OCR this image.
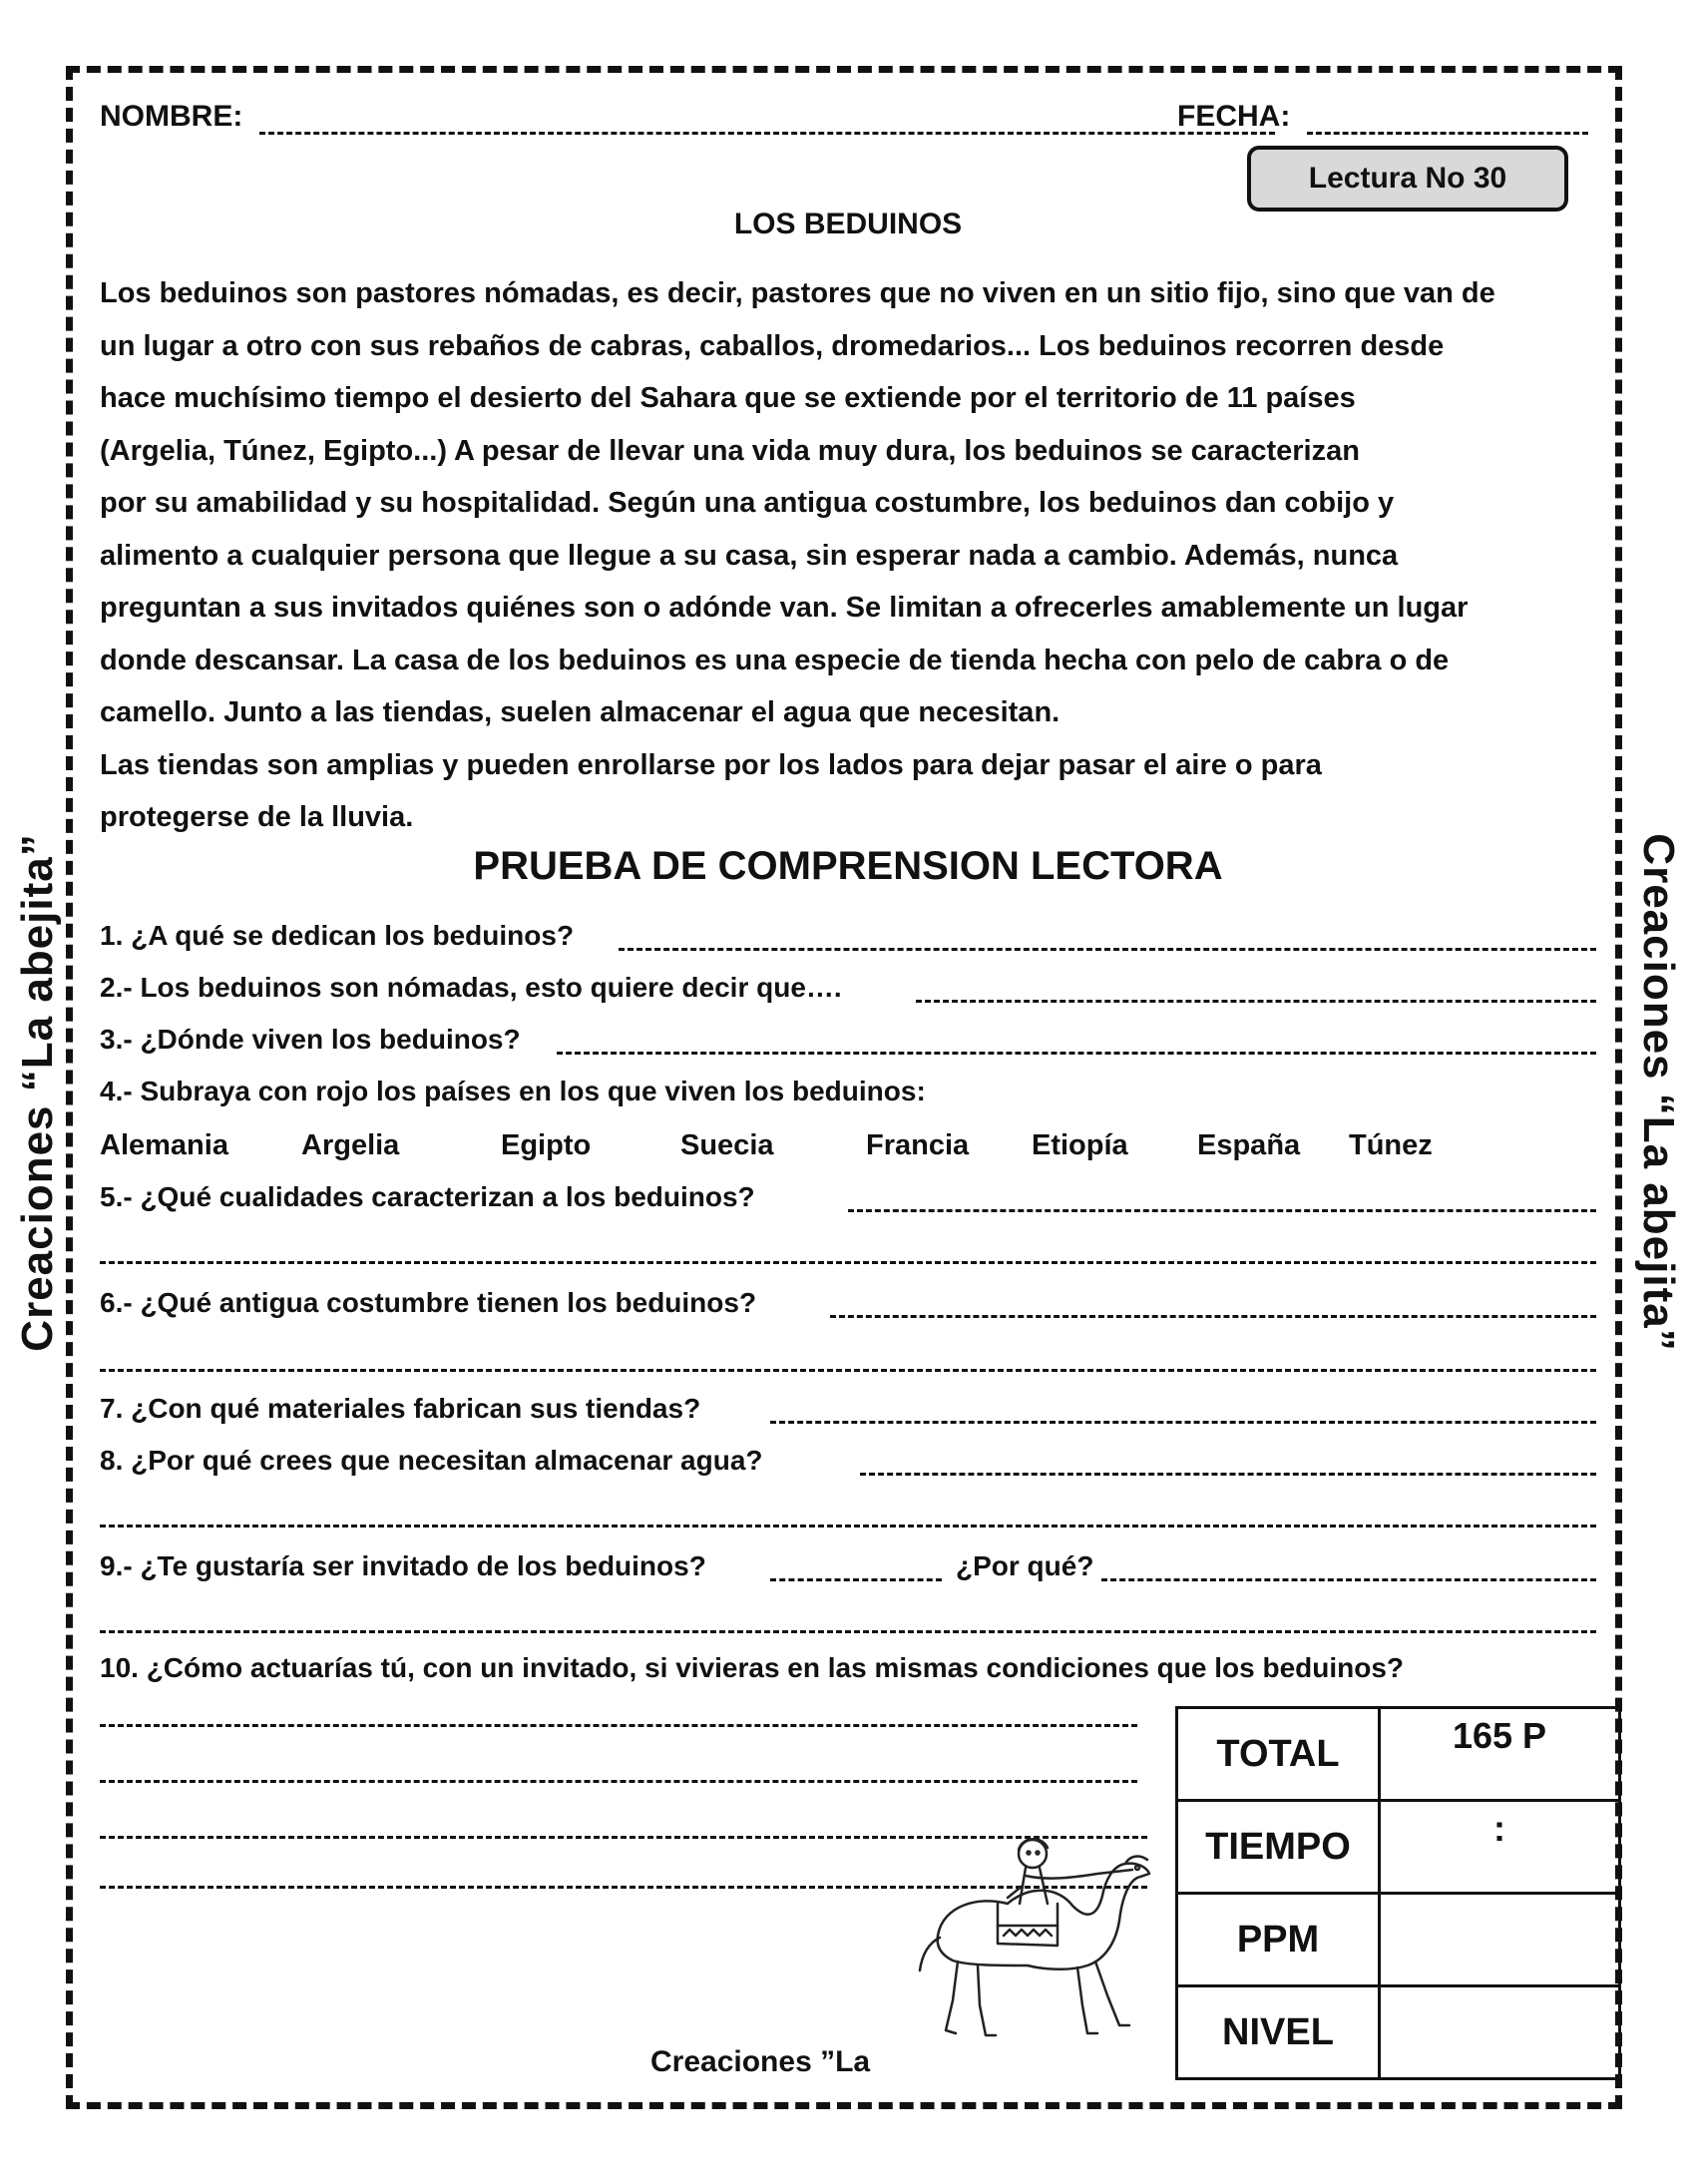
Creaciones “La abejita”	Creaciones “La abejita”
NOMBRE:	FECHA:
Lectura No 30
LOS BEDUINOS

Los beduinos son pastores nómadas, es decir, pastores que no viven en un sitio fijo, sino que van de

un lugar a otro con sus rebaños de cabras, caballos, dromedarios... Los beduinos recorren desde

hace muchísimo tiempo el desierto del Sahara que se extiende por el territorio de 11 países

(Argelia, Túnez, Egipto...) A pesar de llevar una vida muy dura, los beduinos se caracterizan

por su amabilidad y su hospitalidad. Según una antigua costumbre, los beduinos dan cobijo y

alimento a cualquier persona que llegue a su casa, sin esperar nada a cambio. Además, nunca

preguntan a sus invitados quiénes son o adónde van. Se limitan a ofrecerles amablemente un lugar

donde descansar. La casa de los beduinos es una especie de tienda hecha con pelo de cabra o de

camello. Junto a las tiendas, suelen almacenar el agua que necesitan.

Las tiendas son amplias y pueden enrollarse por los lados para dejar pasar el aire o para

protegerse de la lluvia.

PRUEBA DE COMPRENSION LECTORA
1. ¿A qué se dedican los beduinos?
2.- Los beduinos son nómadas, esto quiere decir que….
3.- ¿Dónde viven los beduinos?
4.- Subraya con rojo los países en los que viven los beduinos:
Alemania	Argelia	Egipto	Suecia	Francia Etiopía España Túnez
5.- ¿Qué cualidades caracterizan a los beduinos?
6.- ¿Qué antigua costumbre tienen los beduinos?
7. ¿Con qué materiales fabrican sus tiendas?
8. ¿Por qué crees que necesitan almacenar agua?
9.- ¿Te gustaría ser invitado de los beduinos?	¿Por qué?
10. ¿Cómo actuarías tú, con un invitado, si vivieras en las mismas condiciones que los beduinos?
TOTAL	165 P
TIEMPO	:
PPM	
NIVEL	
Creaciones ”La
